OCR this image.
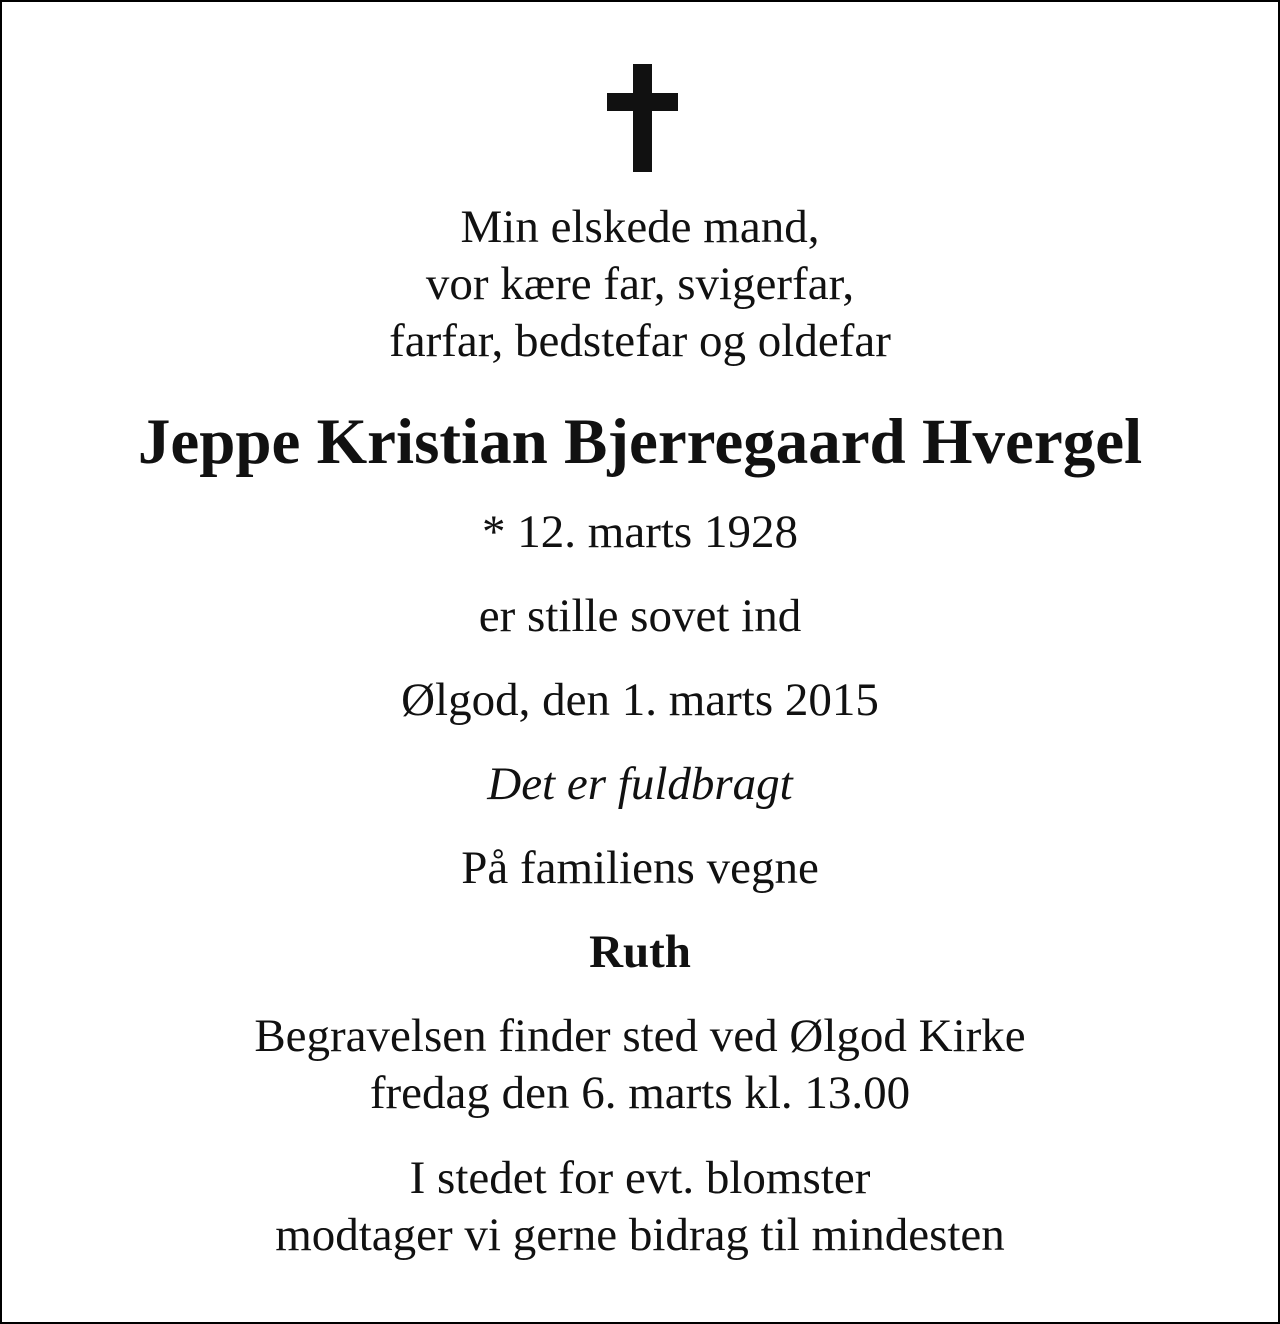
Min elskede mand,
vor kære far, svigerfar,
farfar, bedstefar og oldefar
Jeppe Kristian Bjerregaard Hvergel
* 12. marts 1928
er stille sovet ind
Ølgod, den 1. marts 2015
Det er fuldbragt
På familiens vegne
Ruth
Begravelsen finder sted ved Ølgod Kirke
fredag den 6. marts kl. 13.00
I stedet for evt. blomster
modtager vi gerne bidrag til mindesten
